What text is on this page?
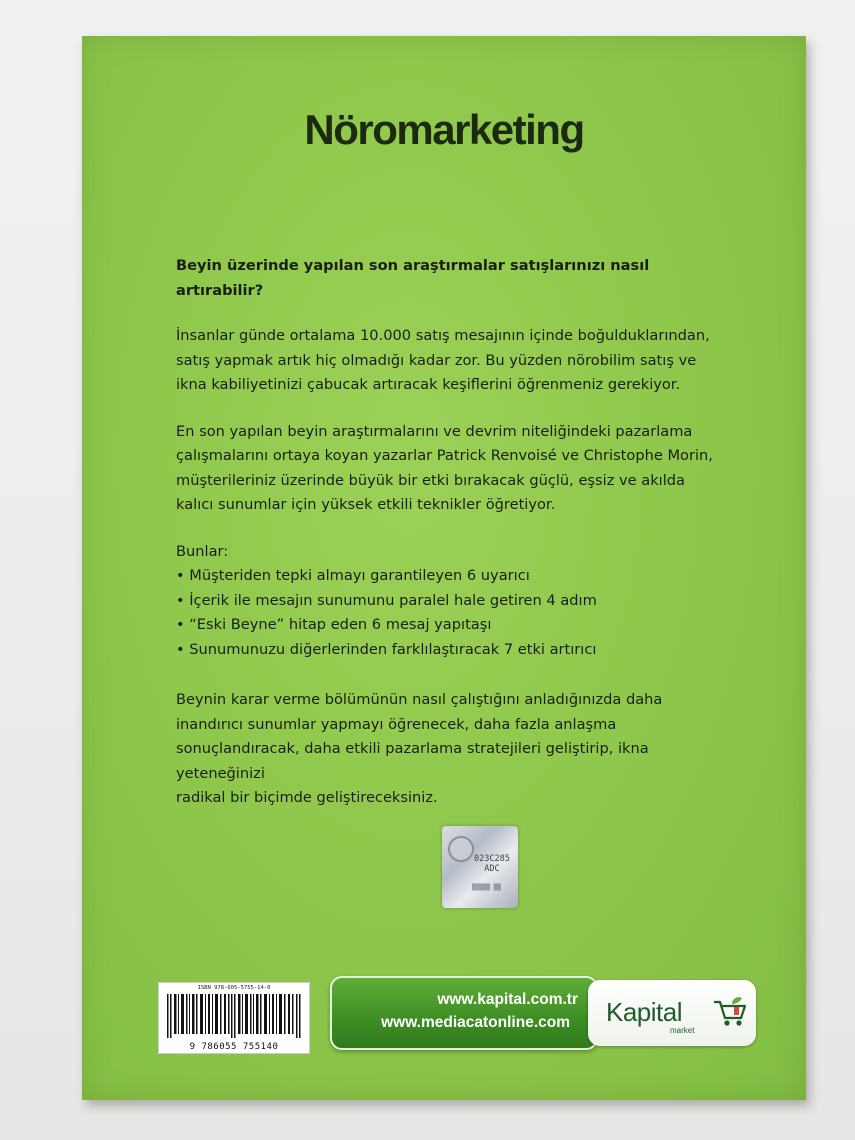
Nöromarketing

Beyin üzerinde yapılan son araştırmalar satışlarınızı nasıl artırabilir?

İnsanlar günde ortalama 10.000 satış mesajının içinde boğulduklarından,
satış yapmak artık hiç olmadığı kadar zor. Bu yüzden nörobilim satış ve
ikna kabiliyetinizi çabucak artıracak keşiflerini öğrenmeniz gerekiyor.

En son yapılan beyin araştırmalarını ve devrim niteliğindeki pazarlama
çalışmalarını ortaya koyan yazarlar Patrick Renvoisé ve Christophe Morin,
müşterileriniz üzerinde büyük bir etki bırakacak güçlü, eşsiz ve akılda
kalıcı sunumlar için yüksek etkili teknikler öğretiyor.

Bunlar:
• Müşteriden tepki almayı garantileyen 6 uyarıcı
• İçerik ile mesajın sunumunu paralel hale getiren 4 adım
• “Eski Beyne” hitap eden 6 mesaj yapıtaşı
• Sunumunuzu diğerlerinden farklılaştıracak 7 etki artırıcı

Beynin karar verme bölümünün nasıl çalıştığını anladığınızda daha
inandırıcı sunumlar yapmayı öğrenecek, daha fazla anlaşma
sonuçlandıracak, daha etkili pazarlama stratejileri geliştirip, ikna yeteneğinizi
radikal bir biçimde geliştireceksiniz.

023C285
ADC
▒▒▒▒▒ ▒▒
ISBN 978-605-5755-14-0
9 786055 755140
www.kapital.com.tr
www.mediacatonline.com Kapital
market
